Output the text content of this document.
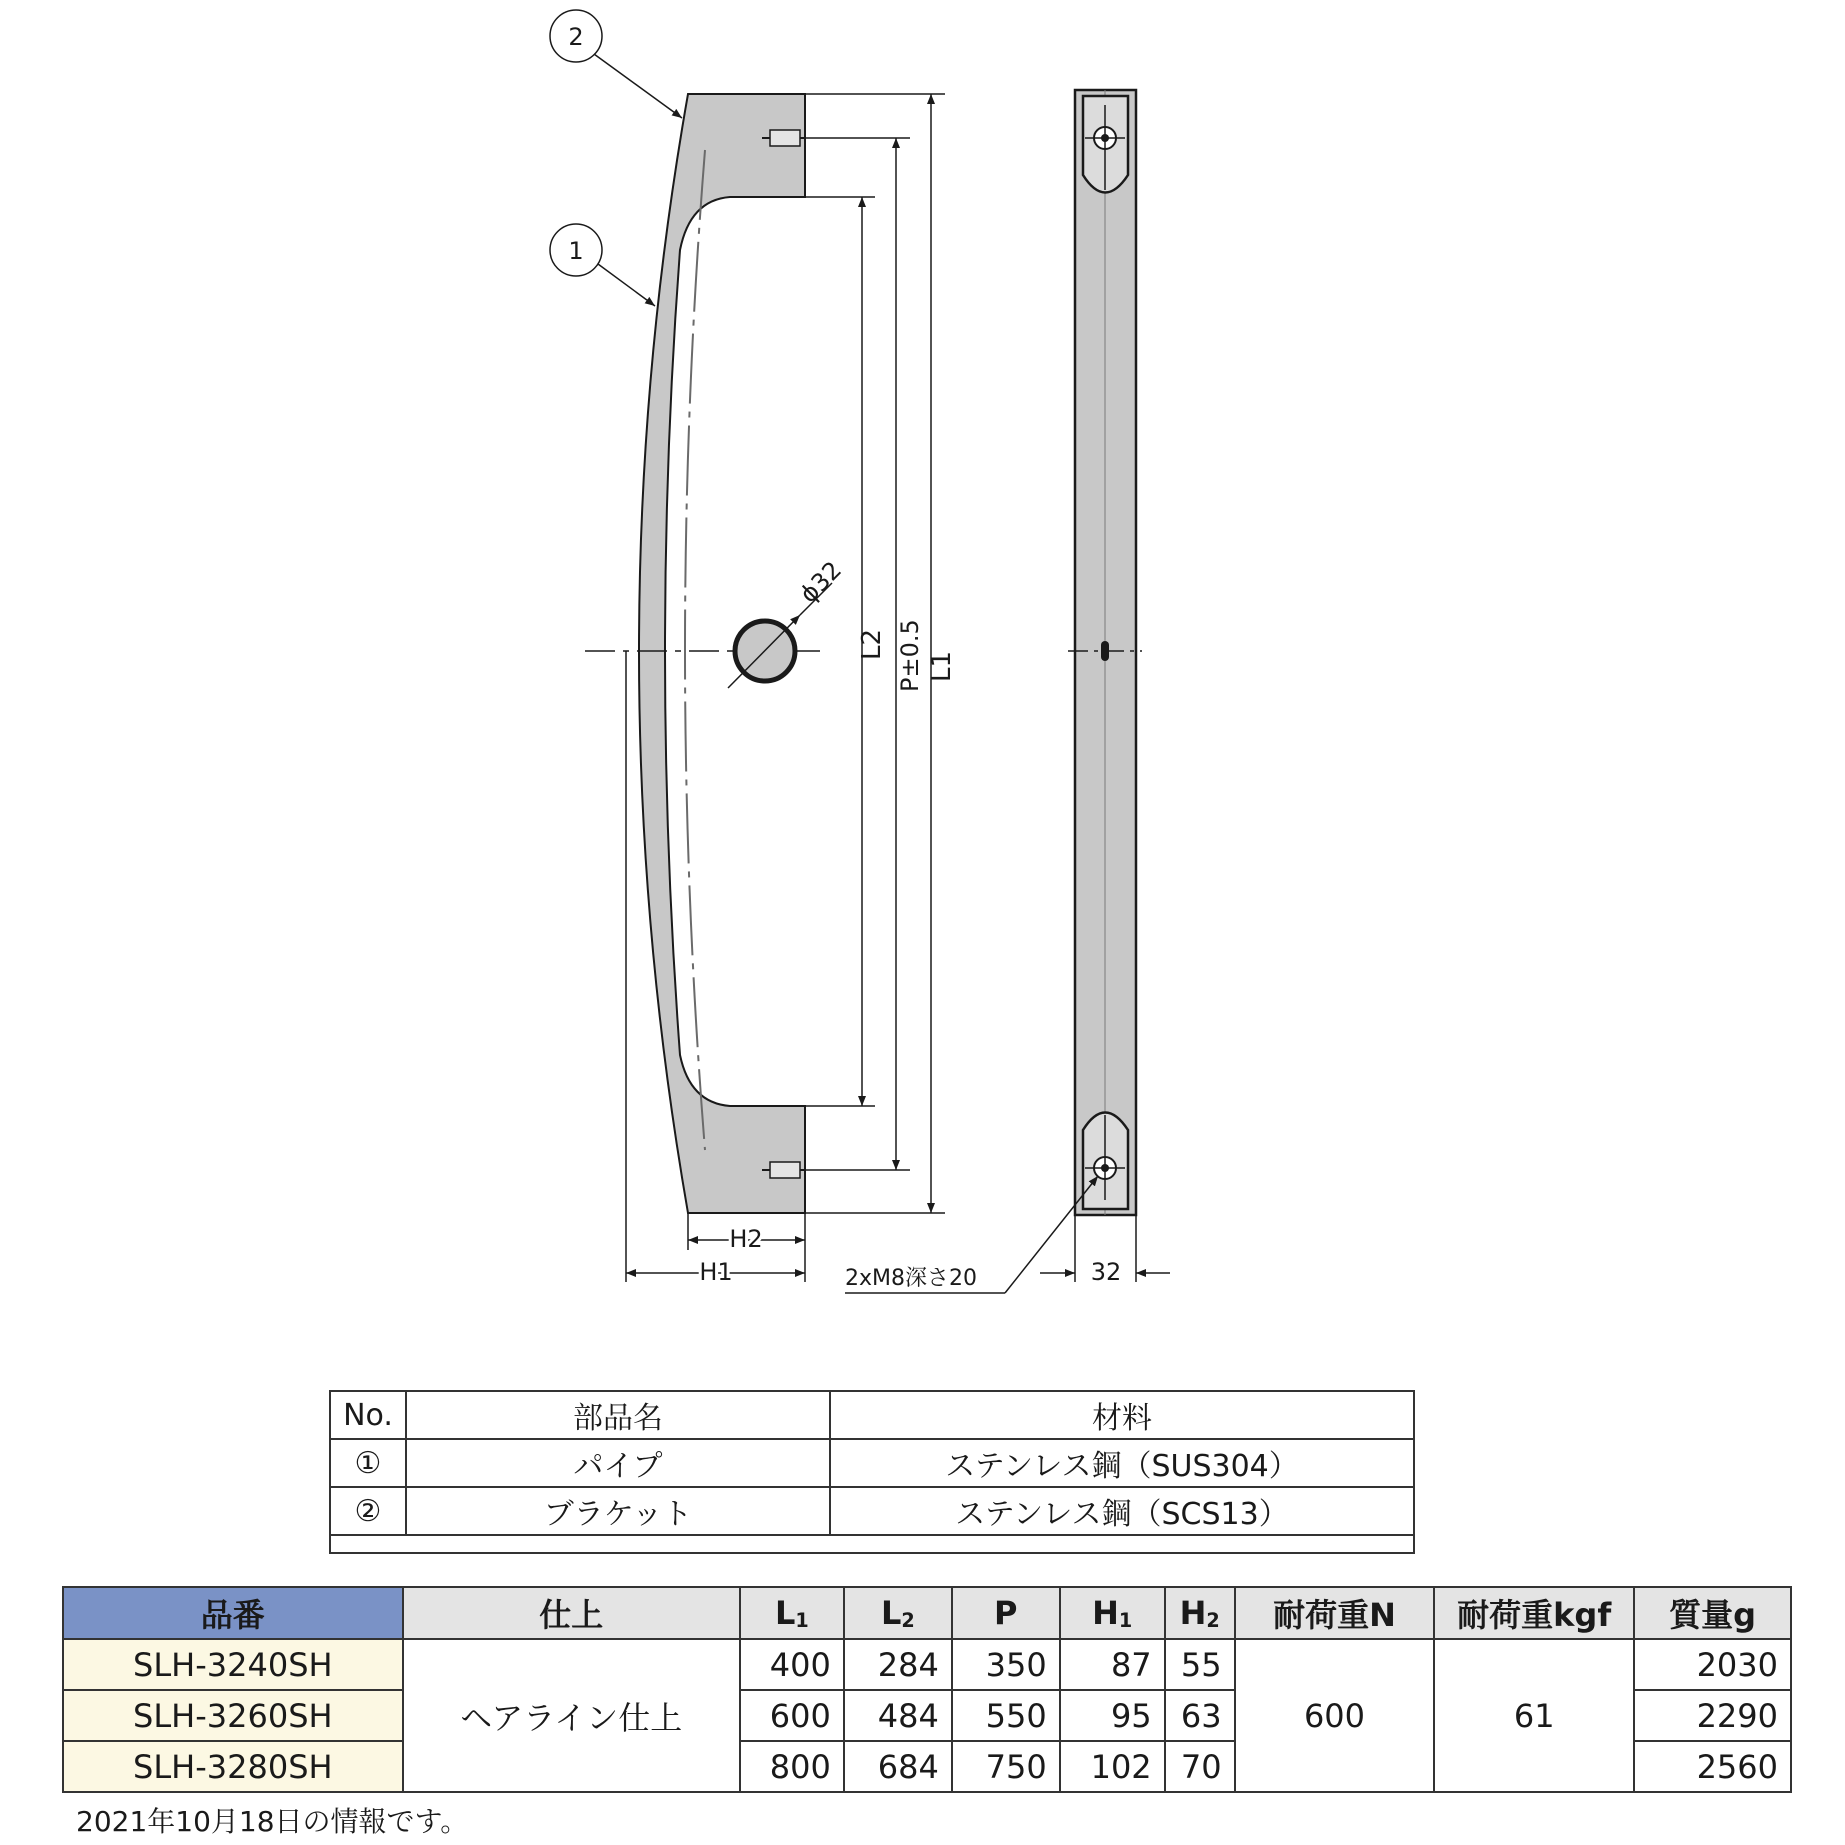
ϕ32
2
1
L2 P±0.5 L1
H2
H1	2xM8深さ20	32
No.	部品名	材料
①	パイプ	ステンレス鋼（SUS304）
②	ブラケット	ステンレス鋼（SCS13）

品番	仕上	$L_1$	$L_2$	P	$H_1$	$H_2$	耐荷重N	耐荷重kgf	質量g
SLH-3240SH	ヘアライン仕上	400	284	350	87	55	600	61	2030
SLH-3260SH		600	484	550	95	63			2290
SLH-3280SH		800	684	750	102	70			2560
2021年10月18日の情報です。
